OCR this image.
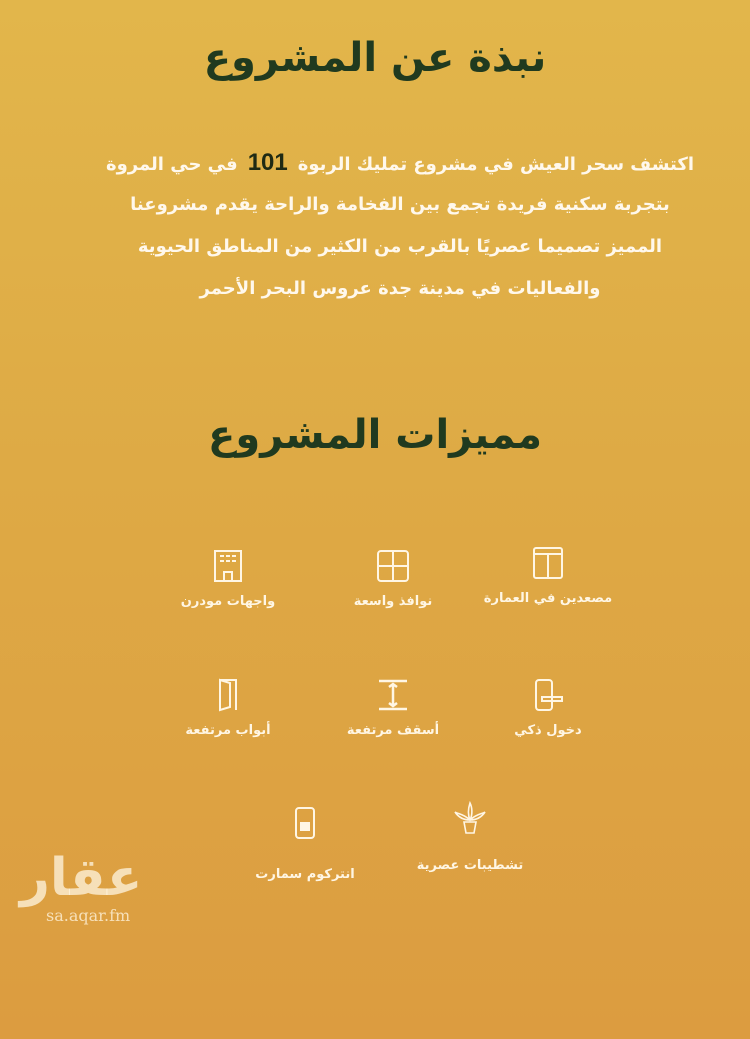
نبذة عن المشروع
اكتشف سحر العيش في مشروع تمليك الربوة101في حي المروة
بتجربة سكنية فريدة تجمع بين الفخامة والراحة يقدم مشروعنا
المميز تصميما عصريًا بالقرب من الكثير من المناطق الحيوية
والفعاليات في مدينة جدة عروس البحر الأحمر
مميزات المشروع
مصعدين في العمارة
نوافذ واسعة
واجهات مودرن
دخول ذكي
أسقف مرتفعة
أبواب مرتفعة
تشطيبات عصرية
انتركوم سمارت
عقار
sa.aqar.fm
